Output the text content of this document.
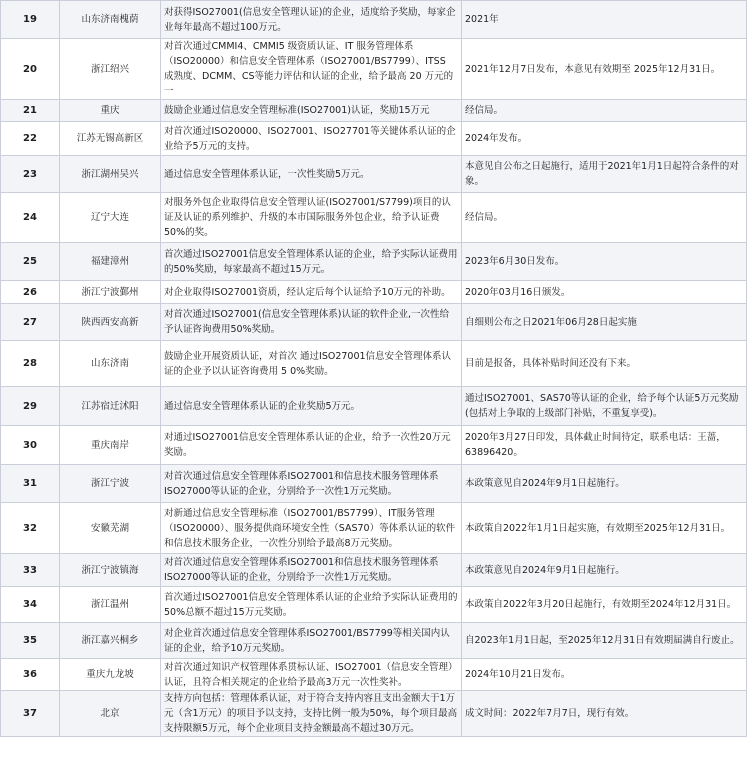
19	山东济南槐荫	对获得ISO27001(信息安全管理认证)的企业，适度给予奖励，每家企业每年最高不超过100万元。	2021年
20	浙江绍兴	对首次通过CMMI4、CMMI5 级资质认证、IT 服务管理体系（ISO20000）和信息安全管理体系（ISO27001/BS7799）、ITSS 成熟度、DCMM、CS等能力评估和认证的企业，给予最高 20 万元的一	2021年12月7日发布，本意见有效期至 2025年12月31日。
21	重庆	鼓励企业通过信息安全管理标准(ISO27001)认证，奖励15万元	经信局。
22	江苏无锡高新区	对首次通过ISO20000、ISO27001、ISO27701等关键体系认证的企业给予5万元的支持。	2024年发布。
23	浙江湖州吴兴	通过信息安全管理体系认证，一次性奖励5万元。	本意见自公布之日起施行，适用于2021年1月1日起符合条件的对象。
24	辽宁大连	对服务外包企业取得信息安全管理认证(ISO27001/S7799)项目的认证及认证的系列维护、升级的本市国际服务外包企业，给予认证费50%的奖。	经信局。
25	福建漳州	首次通过ISO27001信息安全管理体系认证的企业，给予实际认证费用的50%奖励，每家最高不超过15万元。	2023年6月30日发布。
26	浙江宁波鄞州	对企业取得ISO27001资质，经认定后每个认证给予10万元的补助。	2020年03月16日颁发。
27	陕西西安高新	对首次通过ISO27001(信息安全管理体系)认证的软件企业,一次性给予认证咨询费用50%奖励。	自细则公布之日2021年06月28日起实施
28	山东济南	鼓励企业开展资质认证，对首次 通过ISO27001信息安全管理体系认证的企业予以认证咨询费用 5 0%奖励。	目前是报备，具体补贴时间还没有下来。
29	江苏宿迁沭阳	通过信息安全管理体系认证的企业奖励5万元。	通过ISO27001、SAS70等认证的企业，给予每个认证5万元奖励(包括对上争取的上级部门补贴，不重复享受)。
30	重庆南岸	对通过ISO27001信息安全管理体系认证的企业，给予一次性20万元奖励。	2020年3月27日印发，具体截止时间待定，联系电话：王蔷，63896420。
31	浙江宁波	对首次通过信息安全管理体系ISO27001和信息技术服务管理体系ISO27000等认证的企业，分别给予一次性1万元奖励。	本政策意见自2024年9月1日起施行。
32	安徽芜湖	对新通过信息安全管理标准（ISO27001/BS7799）、IT服务管理（ISO20000）、服务提供商环境安全性（SAS70）等体系认证的软件和信息技术服务企业，一次性分别给予最高8万元奖励。	本政策自2022年1月1日起实施，有效期至2025年12月31日。
33	浙江宁波镇海	对首次通过信息安全管理体系ISO27001和信息技术服务管理体系ISO27000等认证的企业，分别给予一次性1万元奖励。	本政策意见自2024年9月1日起施行。
34	浙江温州	首次通过ISO27001信息安全管理体系认证的企业给予实际认证费用的50%总额不超过15万元奖励。	本政策自2022年3月20日起施行，有效期至2024年12月31日。
35	浙江嘉兴桐乡	对企业首次通过信息安全管理体系ISO27001/BS7799等相关国内认证的企业，给予10万元奖励。	自2023年1月1日起，至2025年12月31日有效期届满自行废止。
36	重庆九龙坡	对首次通过知识产权管理体系贯标认证、ISO27001（信息安全管理）认证，且符合相关规定的企业给予最高3万元一次性奖补。	2024年10月21日发布。
37	北京	支持方向包括：管理体系认证，对于符合支持内容且支出金额大于1万元（含1万元）的项目予以支持，支持比例一般为50%，每个项目最高支持限额5万元，每个企业项目支持金额最高不超过30万元。	成文时间：2022年7月7日，现行有效。
